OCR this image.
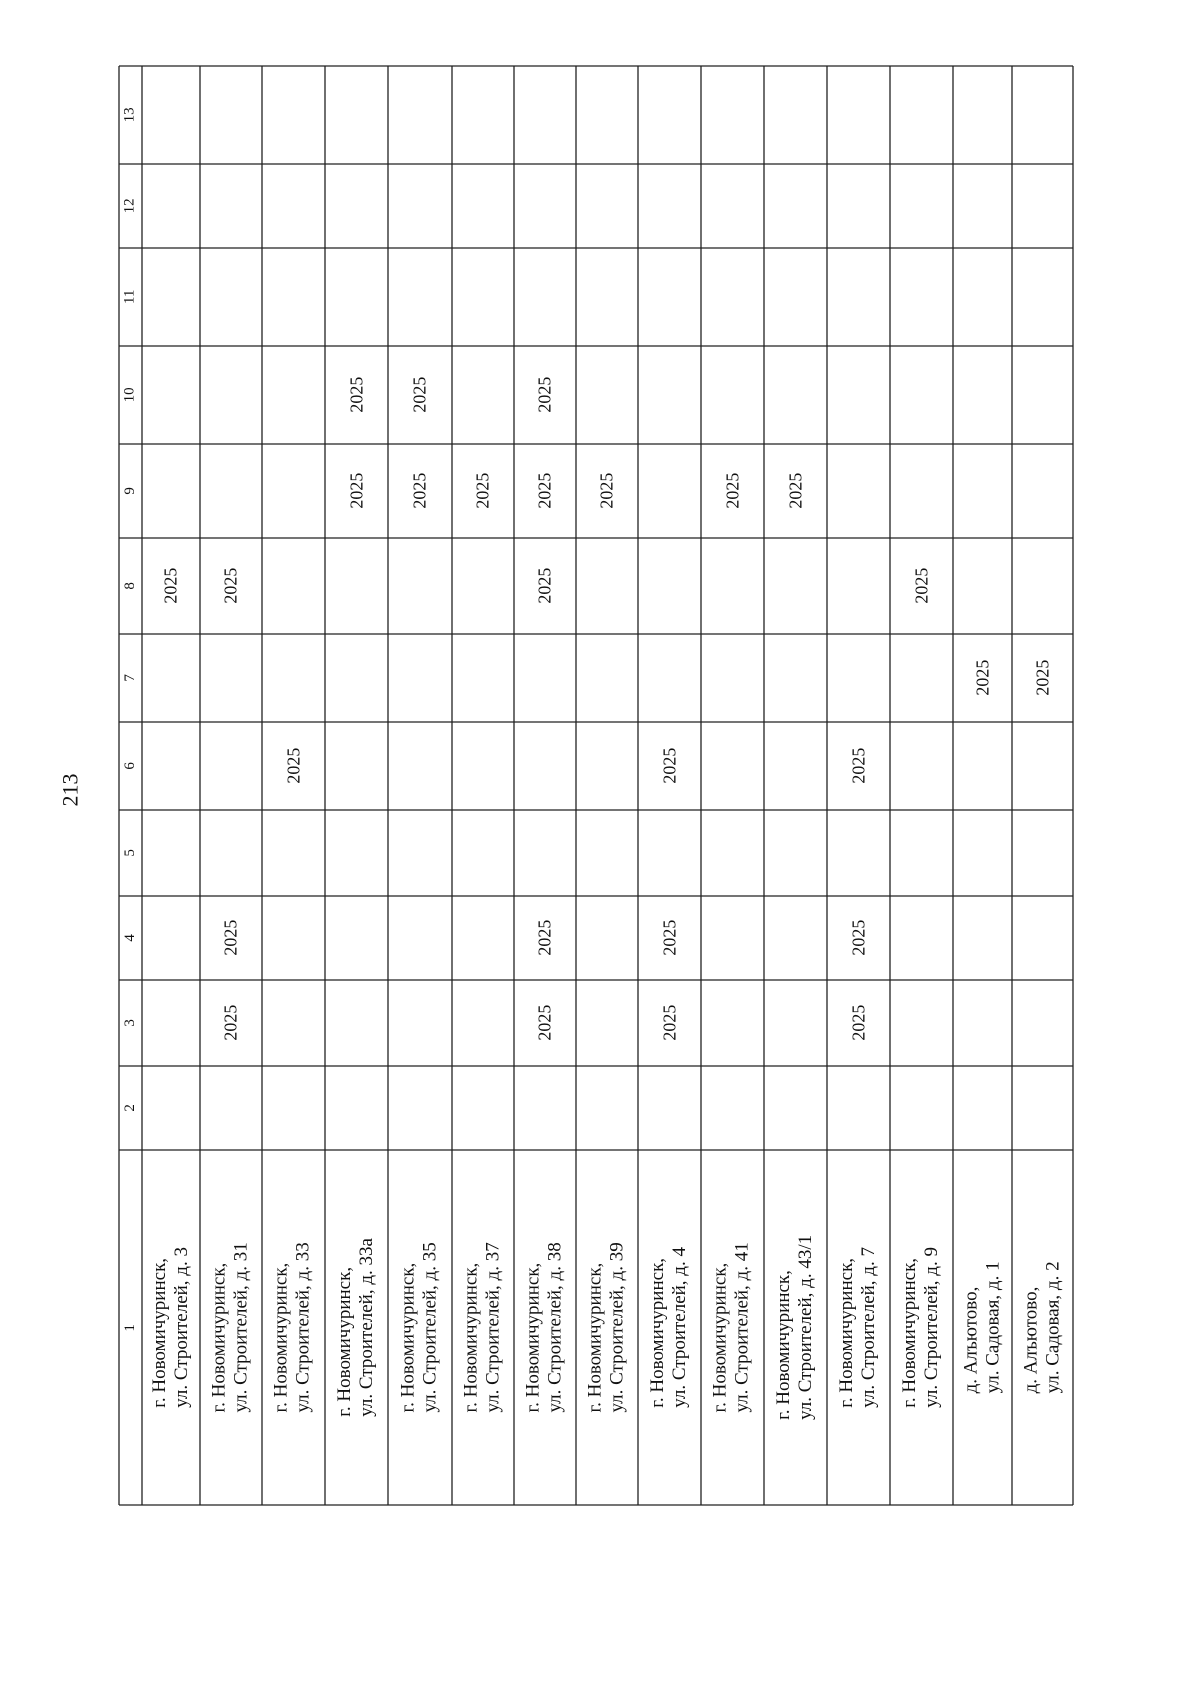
213
1
2
3
4
5
6
7
8
9
10
11
12
13
г. Новомичуринск,
ул. Строителей, д. 3
2025
г. Новомичуринск,
ул. Строителей, д. 31
2025
2025
2025
г. Новомичуринск,
ул. Строителей, д. 33
2025
г. Новомичуринск,
ул. Строителей, д. 33а
2025
2025
г. Новомичуринск,
ул. Строителей, д. 35
2025
2025
г. Новомичуринск,
ул. Строителей, д. 37
2025
г. Новомичуринск,
ул. Строителей, д. 38
2025
2025
2025
2025
2025
г. Новомичуринск,
ул. Строителей, д. 39
2025
г. Новомичуринск,
ул. Строителей, д. 4
2025
2025
2025
г. Новомичуринск,
ул. Строителей, д. 41
2025
г. Новомичуринск,
ул. Строителей, д. 43/1
2025
г. Новомичуринск,
ул. Строителей, д. 7
2025
2025
2025
г. Новомичуринск,
ул. Строителей, д. 9
2025
д. Алъютово,
ул. Садовая, д. 1
2025
д. Алъютово,
ул. Садовая, д. 2
2025
